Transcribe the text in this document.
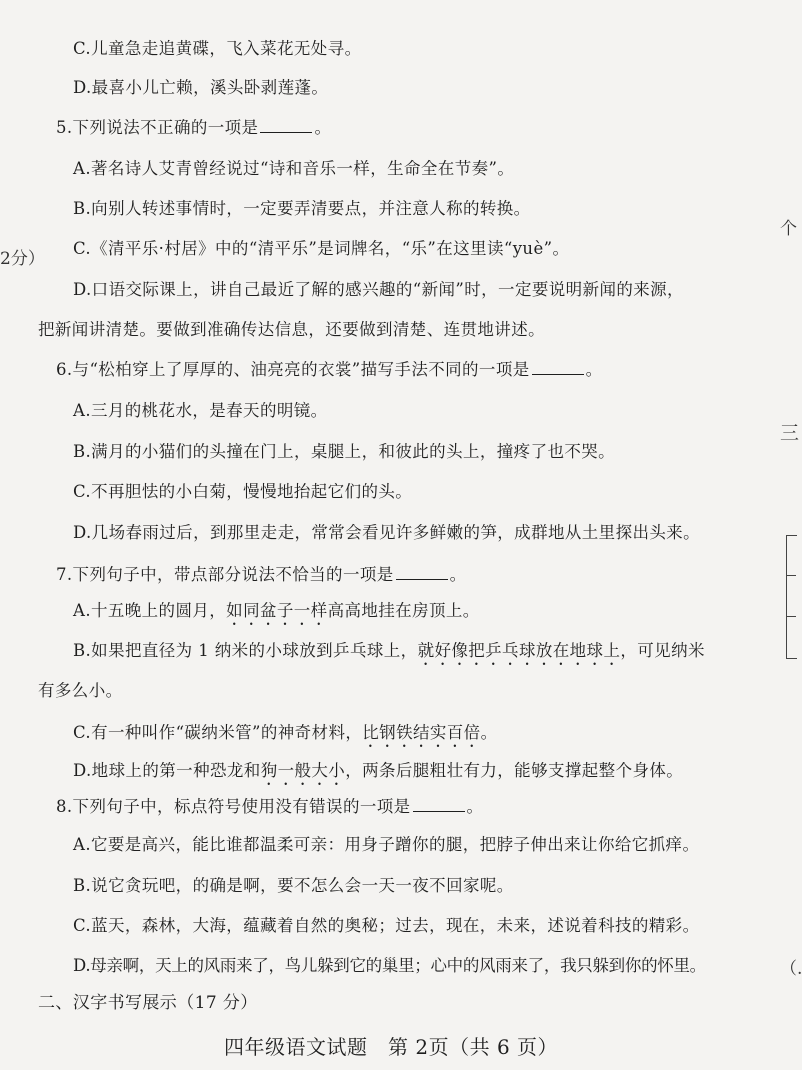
2分）
个
三
（.
C.儿童急走追黄碟，飞入菜花无处寻。
D.最喜小儿亡赖，溪头卧剥莲蓬。
5.下列说法不正确的一项是	。
A.著名诗人艾青曾经说过“诗和音乐一样，生命全在节奏”。
B.向别人转述事情时，一定要弄清要点，并注意人称的转换。
C.《清平乐·村居》中的“清平乐”是词牌名，“乐”在这里读“yuè”。
D.口语交际课上，讲自己最近了解的感兴趣的“新闻”时，一定要说明新闻的来源，
把新闻讲清楚。要做到准确传达信息，还要做到清楚、连贯地讲述。
6.与“松柏穿上了厚厚的、油亮亮的衣裳”描写手法不同的一项是	。
A.三月的桃花水，是春天的明镜。
B.满月的小猫们的头撞在门上，桌腿上，和彼此的头上，撞疼了也不哭。
C.不再胆怯的小白菊，慢慢地抬起它们的头。
D.几场春雨过后，到那里走走，常常会看见许多鲜嫩的笋，成群地从土里探出头来。
7.下列句子中，带点部分说法不恰当的一项是	。
A.十五晚上的圆月，如同盆子一样高高地挂在房顶上。
B.如果把直径为 1 纳米的小球放到乒乓球上，就好像把乒乓球放在地球上，可见纳米
有多么小。
C.有一种叫作“碳纳米管”的神奇材料，比钢铁结实百倍。
D.地球上的第一种恐龙和狗一般大小，两条后腿粗壮有力，能够支撑起整个身体。
8.下列句子中，标点符号使用没有错误的一项是	。
A.它要是高兴，能比谁都温柔可亲：用身子蹭你的腿，把脖子伸出来让你给它抓痒。
B.说它贪玩吧，的确是啊，要不怎么会一天一夜不回家呢。
C.蓝天，森林，大海，蕴藏着自然的奥秘；过去，现在，未来，述说着科技的精彩。
D.母亲啊，天上的风雨来了，鸟儿躲到它的巢里；心中的风雨来了，我只躲到你的怀里。
二、汉字书写展示（17 分）
四年级语文试题　第 2页（共 6 页）
